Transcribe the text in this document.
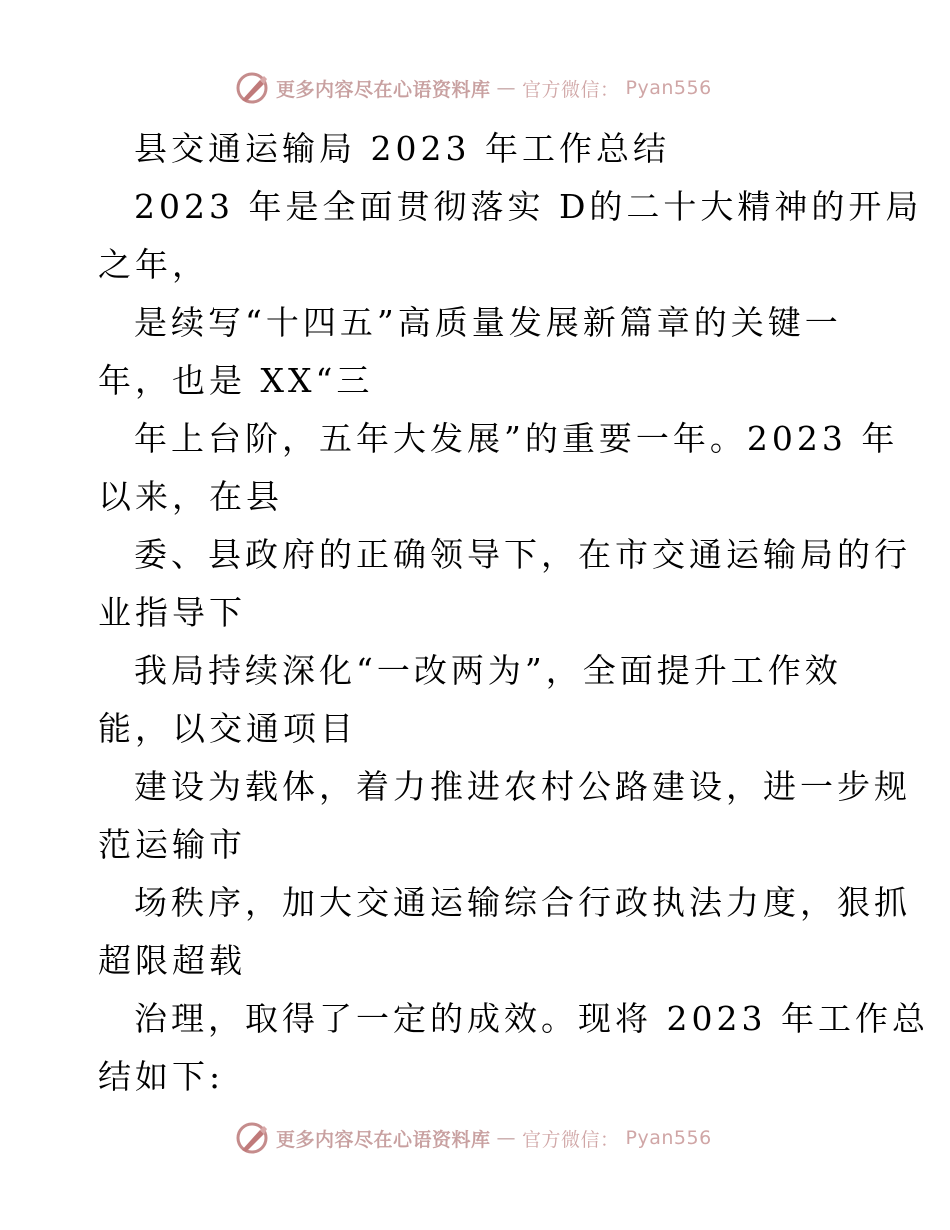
更多内容尽在心语资料库 — 官方微信： Pyan556
县交通运输局 2023 年工作总结
2023 年是全面贯彻落实 D的二十大精神的开局
之年，
是续写“十四五”高质量发展新篇章的关键一
年，也是 XX“三
年上台阶，五年大发展”的重要一年。2023 年
以来，在县
委、县政府的正确领导下，在市交通运输局的行
业指导下
我局持续深化“一改两为”，全面提升工作效
能，以交通项目
建设为载体，着力推进农村公路建设，进一步规
范运输市
场秩序，加大交通运输综合行政执法力度，狠抓
超限超载
治理，取得了一定的成效。现将 2023 年工作总
结如下:
更多内容尽在心语资料库 — 官方微信： Pyan556
